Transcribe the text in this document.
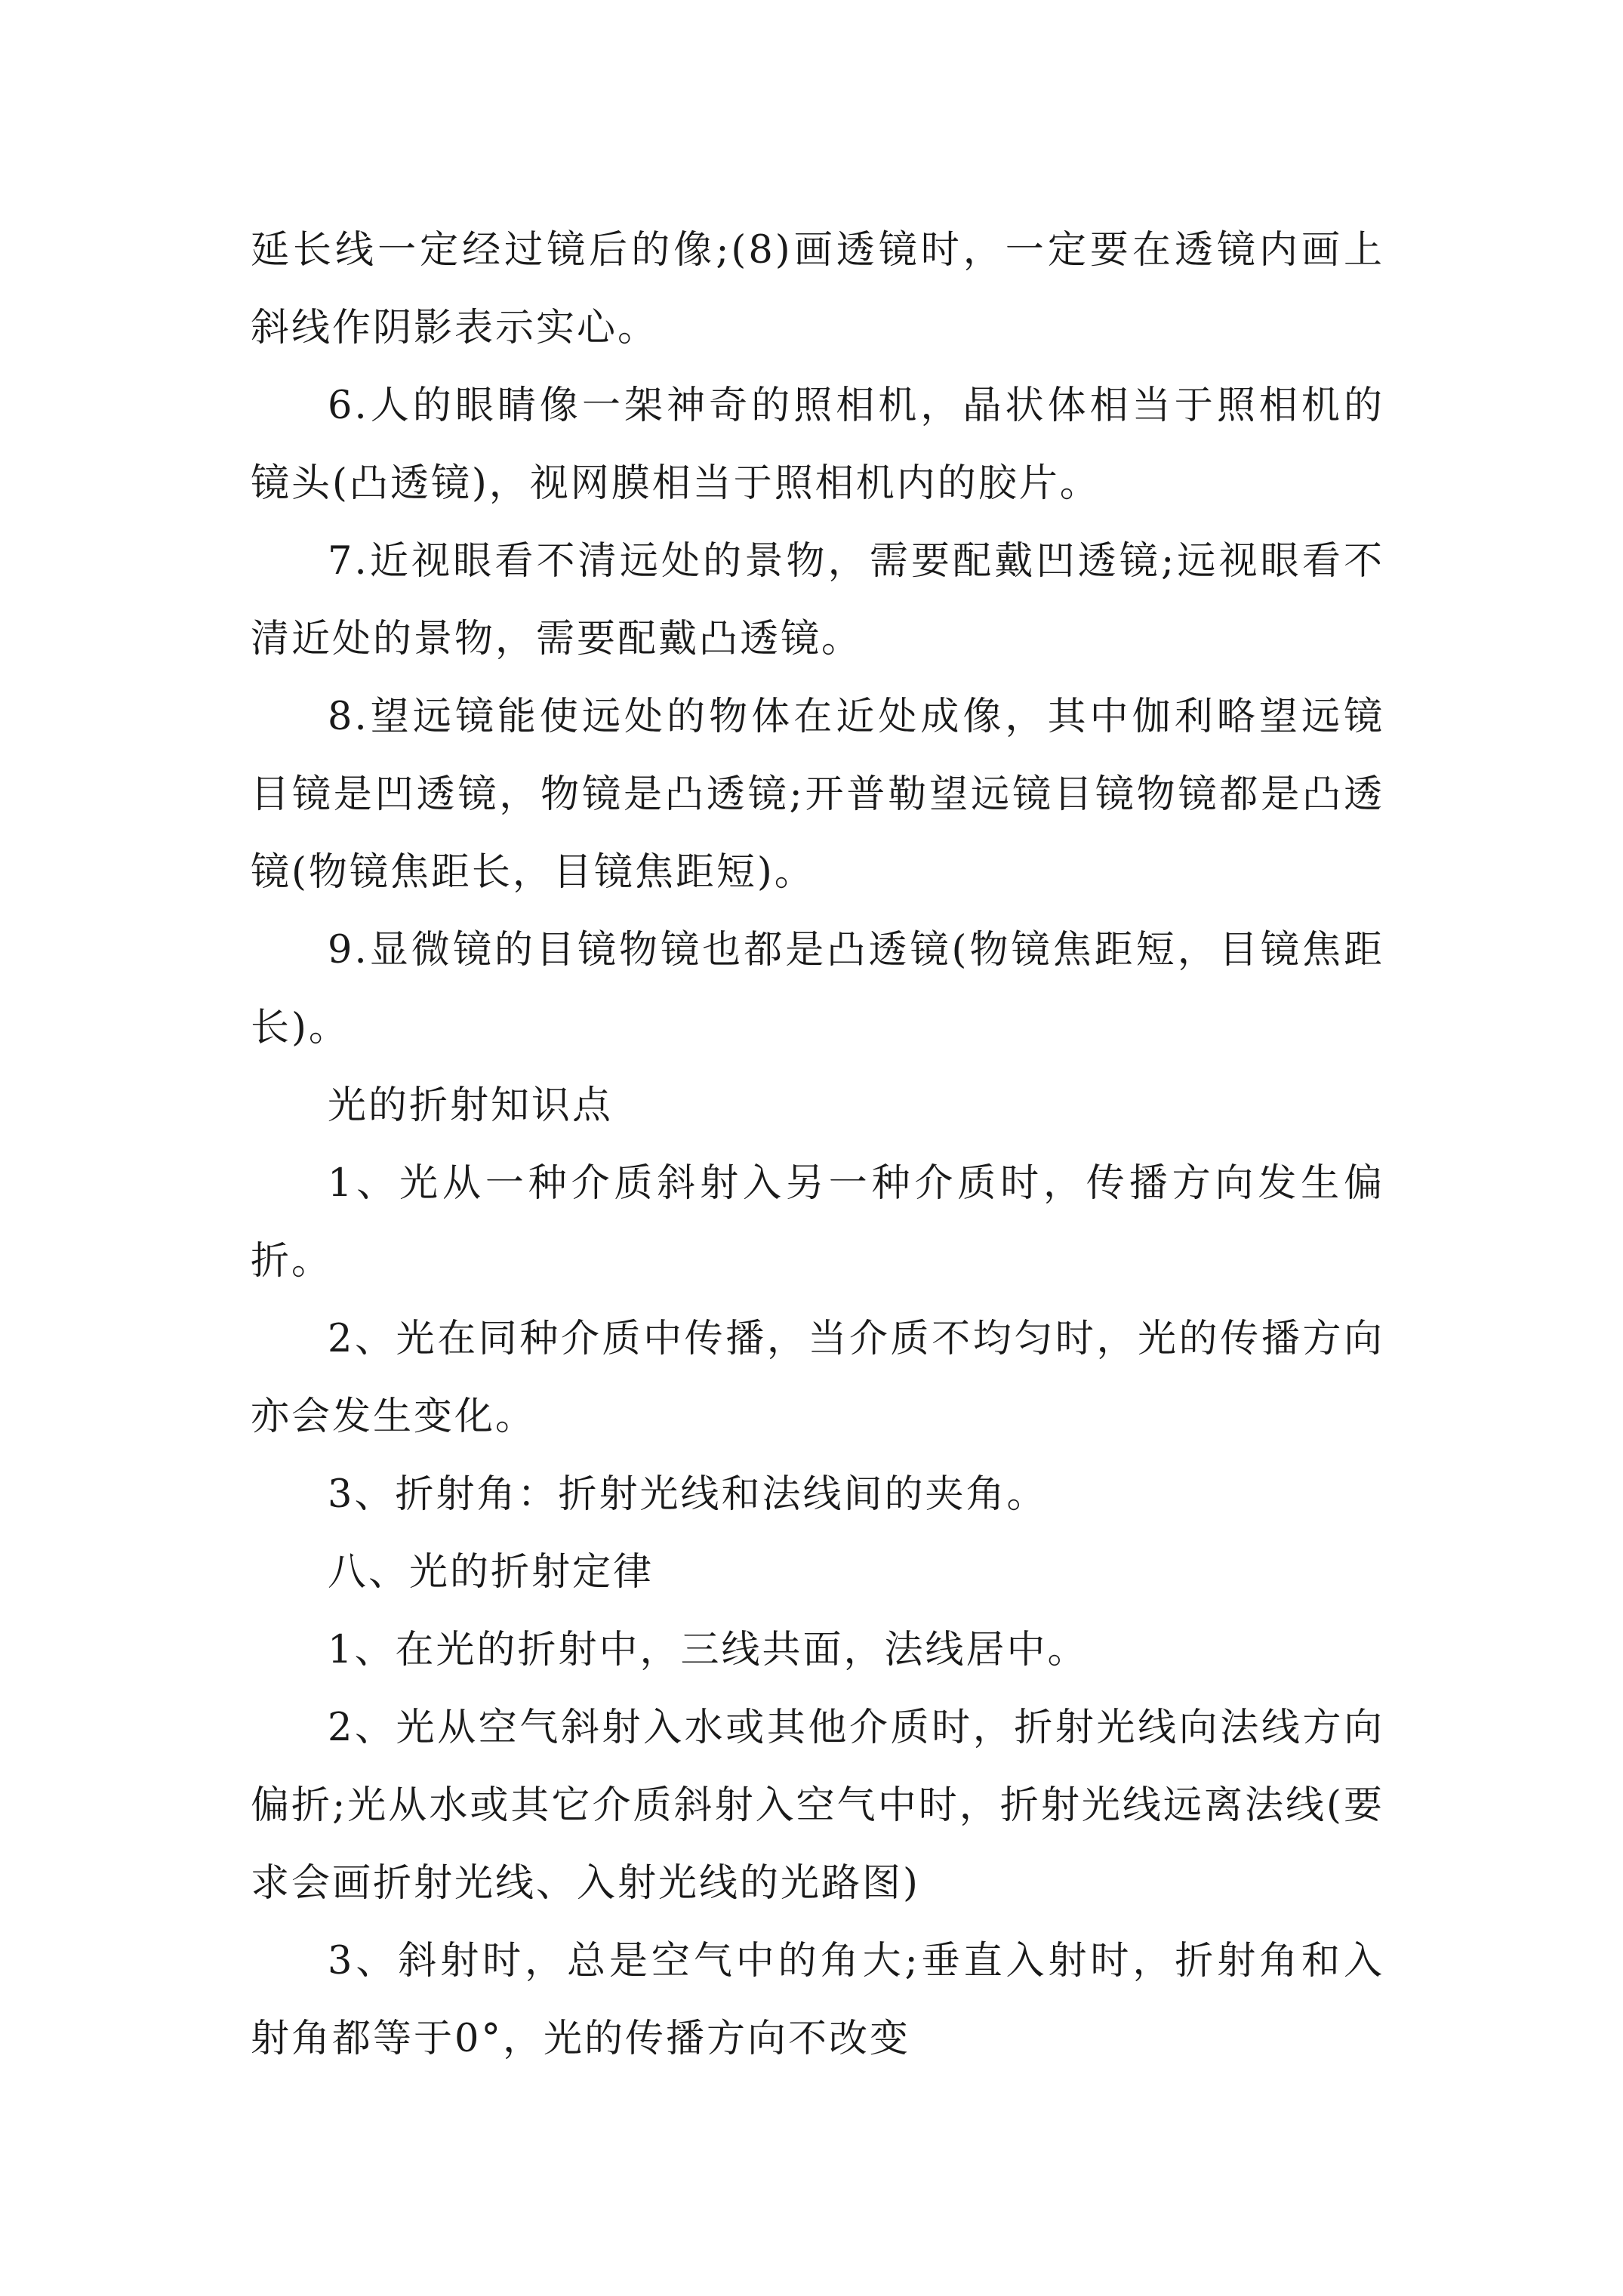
延长线一定经过镜后的像;(8)画透镜时，一定要在透镜内画上斜线作阴影表示实心。

6.人的眼睛像一架神奇的照相机，晶状体相当于照相机的镜头(凸透镜)，视网膜相当于照相机内的胶片。

7.近视眼看不清远处的景物，需要配戴凹透镜;远视眼看不清近处的景物，需要配戴凸透镜。

8.望远镜能使远处的物体在近处成像，其中伽利略望远镜目镜是凹透镜，物镜是凸透镜;开普勒望远镜目镜物镜都是凸透镜(物镜焦距长，目镜焦距短)。

9.显微镜的目镜物镜也都是凸透镜(物镜焦距短，目镜焦距长)。

光的折射知识点

1、光从一种介质斜射入另一种介质时，传播方向发生偏折。

2、光在同种介质中传播，当介质不均匀时，光的传播方向亦会发生变化。

3、折射角：折射光线和法线间的夹角。

八、光的折射定律

1、在光的折射中，三线共面，法线居中。

2、光从空气斜射入水或其他介质时，折射光线向法线方向偏折;光从水或其它介质斜射入空气中时，折射光线远离法线(要求会画折射光线、入射光线的光路图)

3、斜射时，总是空气中的角大;垂直入射时，折射角和入射角都等于0°，光的传播方向不改变
